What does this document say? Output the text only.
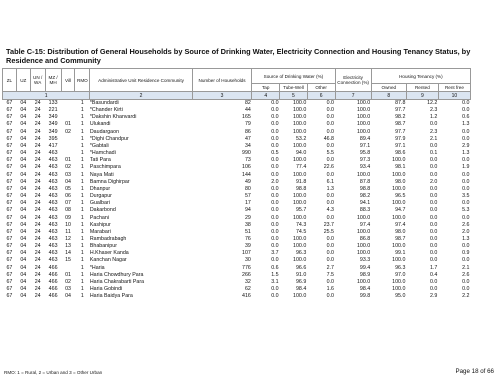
Table C-15: Distribution of General Households by Source of Drinking Water, Electricity Connection and Housing Tenancy Status, by Residence and Community
ZL	UZ	UN / WA	MZ / MH	Vill	RMO	Administrative Unit Residence Community	Number of Households	Source of Drinking Water (%)			Electricity Connection (%)	Housing Tenancy (%)		
								Tap	Tube-Well	Other		Owned	Rented	Rent free
1						2	3	4	5	6	7	8	9	10
67	04	24	133		1	*Basundardi	82	0.0	100.0	0.0	100.0	87.8	12.2	0.0
67	04	24	221		1	*Chander Kirti	44	0.0	100.0	0.0	100.0	97.7	2.3	0.0
67	04	24	349		1	*Dakshin Khanvardi	165	0.0	100.0	0.0	100.0	98.2	1.2	0.6
67	04	24	349	01	1	Ulukandi	79	0.0	100.0	0.0	100.0	98.7	0.0	1.3
67	04	24	349	02	1	Daudargaon	86	0.0	100.0	0.0	100.0	97.7	2.3	0.0
67	04	24	395		1	*Dighi Chandpur	47	0.0	53.2	46.8	89.4	97.9	2.1	0.0
67	04	24	417		1	*Gabtali	34	0.0	100.0	0.0	97.1	97.1	0.0	2.9
67	04	24	463		1	*Hamchadi	990	0.5	94.0	5.5	95.8	98.6	0.1	1.3
67	04	24	463	01	1	Tati Para	73	0.0	100.0	0.0	97.3	100.0	0.0	0.0
67	04	24	463	02	1	Paschimpara	106	0.0	77.4	22.6	93.4	98.1	0.0	1.9
67	04	24	463	03	1	Naya Mati	144	0.0	100.0	0.0	100.0	100.0	0.0	0.0
67	04	24	463	04	1	Bamna Dighirpar	49	2.0	91.8	6.1	87.8	98.0	2.0	0.0
67	04	24	463	05	1	Dhanpur	80	0.0	98.8	1.3	98.8	100.0	0.0	0.0
67	04	24	463	06	1	Durgapur	57	0.0	100.0	0.0	98.2	96.5	0.0	3.5
67	04	24	463	07	1	Gualbari	17	0.0	100.0	0.0	94.1	100.0	0.0	0.0
67	04	24	463	08	1	Dakarbond	94	0.0	95.7	4.3	88.3	94.7	0.0	5.3
67	04	24	463	09	1	Pachani	29	0.0	100.0	0.0	100.0	100.0	0.0	0.0
67	04	24	463	10	1	Kashipur	38	0.0	74.3	23.7	97.4	97.4	0.0	2.6
67	04	24	463	11	1	Marabari	51	0.0	74.5	25.5	100.0	98.0	0.0	2.0
67	04	24	463	12	1	Rambadrabagh	76	0.0	100.0	0.0	86.8	98.7	0.0	1.3
67	04	24	463	13	1	Bhabanipur	39	0.0	100.0	0.0	100.0	100.0	0.0	0.0
67	04	24	463	14	1	H.Khaser Kanda	107	3.7	96.3	0.0	100.0	99.1	0.0	0.9
67	04	24	463	15	1	Kanchan Nagar	30	0.0	100.0	0.0	93.3	100.0	0.0	0.0
67	04	24	466		1	*Haria	776	0.6	96.6	2.7	99.4	96.3	1.7	2.1
67	04	24	466	01	1	Haria Chowdhury Para	266	1.5	91.0	7.5	98.9	97.0	0.4	2.6
67	04	24	466	02	1	Haria Chakrabarti Para	32	3.1	96.9	0.0	100.0	100.0	0.0	0.0
67	04	24	466	03	1	Haria Gobindi	62	0.0	98.4	1.6	98.4	100.0	0.0	0.0
67	04	24	466	04	1	Haria Baidya Para	416	0.0	100.0	0.0	99.8	95.0	2.9	2.2
RMO: 1 = Rural, 2 = Urban and 3 = Other Urban	Page 18 of 66
